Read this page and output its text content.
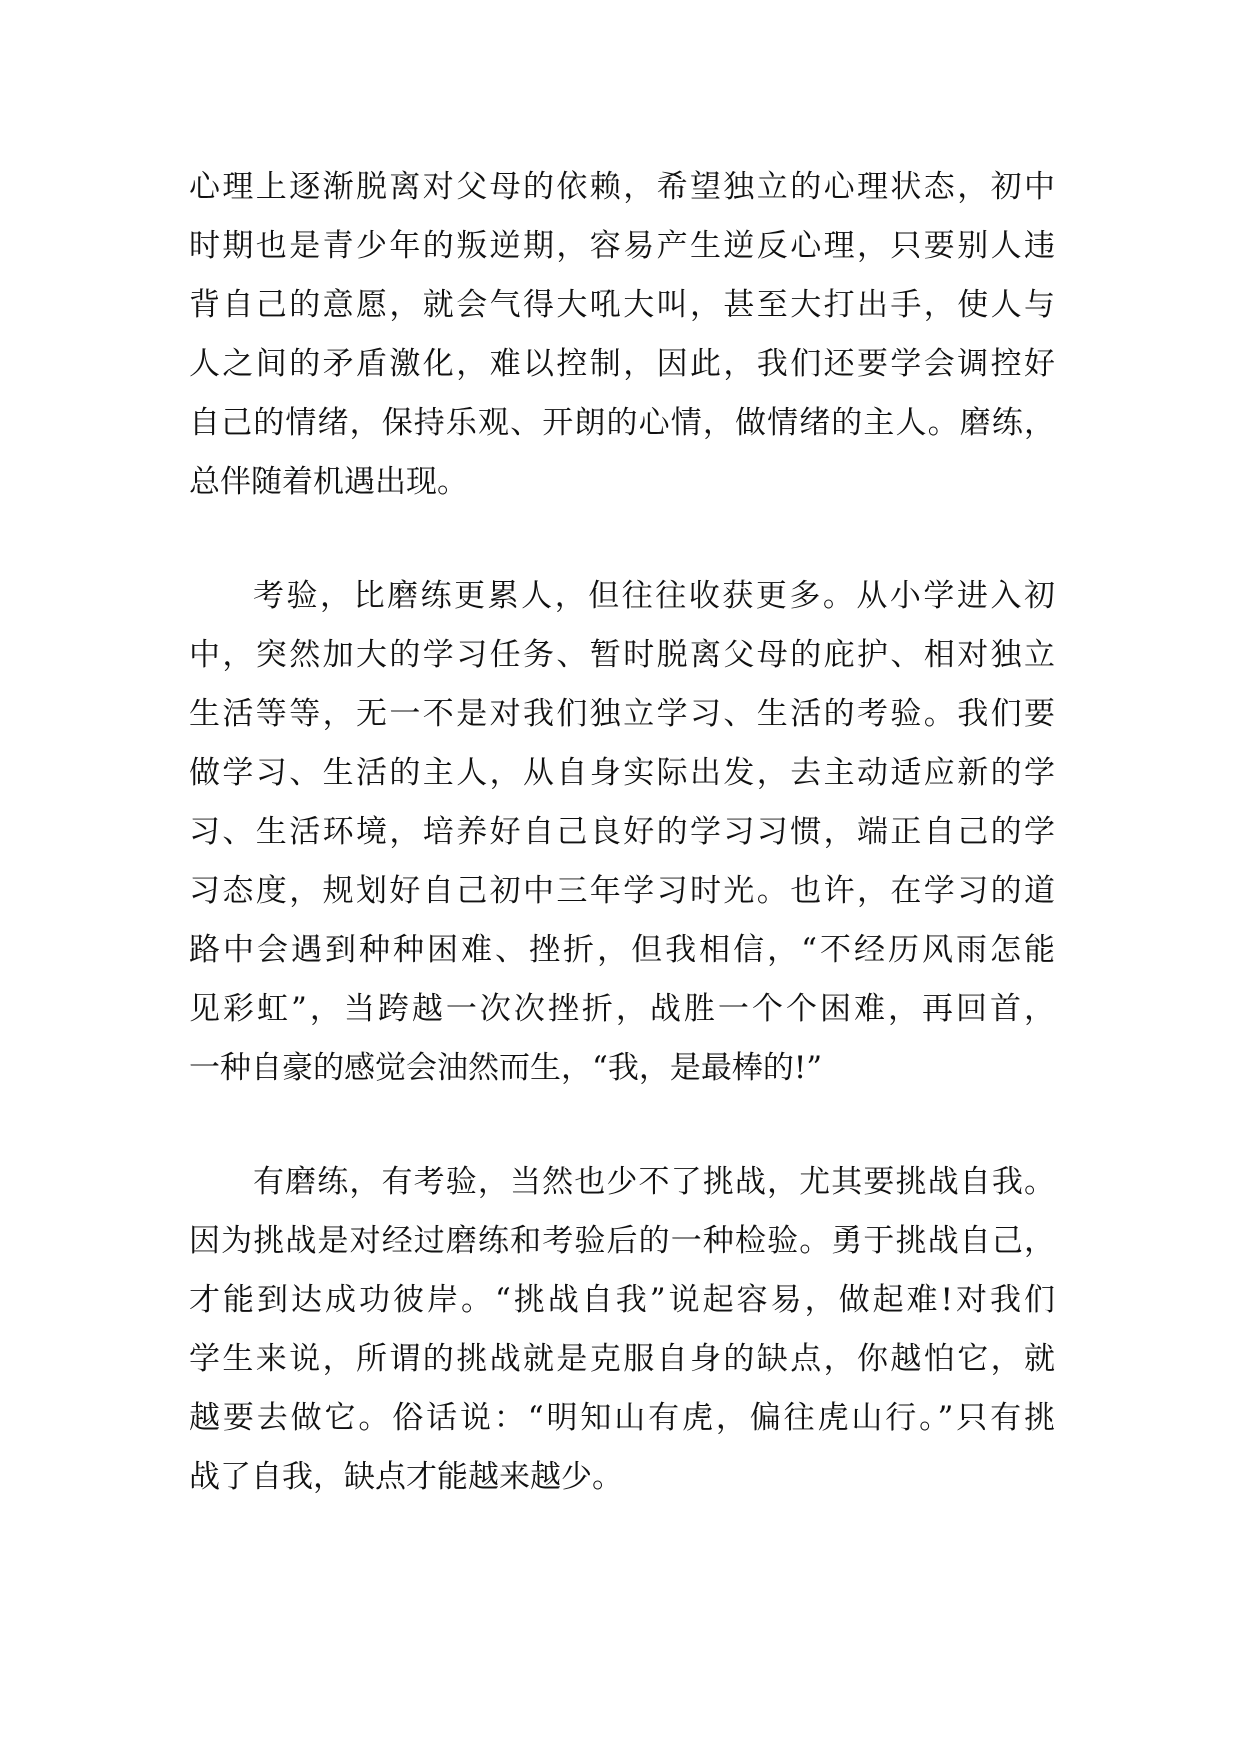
心理上逐渐脱离对父母的依赖，希望独立的心理状态，初中
时期也是青少年的叛逆期，容易产生逆反心理，只要别人违
背自己的意愿，就会气得大吼大叫，甚至大打出手，使人与
人之间的矛盾激化，难以控制，因此，我们还要学会调控好
自己的情绪，保持乐观、开朗的心情，做情绪的主人。磨练，
总伴随着机遇出现。
考验，比磨练更累人，但往往收获更多。从小学进入初
中，突然加大的学习任务、暂时脱离父母的庇护、相对独立
生活等等，无一不是对我们独立学习、生活的考验。我们要
做学习、生活的主人，从自身实际出发，去主动适应新的学
习、生活环境，培养好自己良好的学习习惯，端正自己的学
习态度，规划好自己初中三年学习时光。也许，在学习的道
路中会遇到种种困难、挫折，但我相信，“不经历风雨怎能
见彩虹”，当跨越一次次挫折，战胜一个个困难，再回首，
一种自豪的感觉会油然而生，“我，是最棒的!”
有磨练，有考验，当然也少不了挑战，尤其要挑战自我。
因为挑战是对经过磨练和考验后的一种检验。勇于挑战自己，
才能到达成功彼岸。“挑战自我”说起容易，做起难!对我们
学生来说，所谓的挑战就是克服自身的缺点，你越怕它，就
越要去做它。俗话说：“明知山有虎，偏往虎山行。”只有挑
战了自我，缺点才能越来越少。
